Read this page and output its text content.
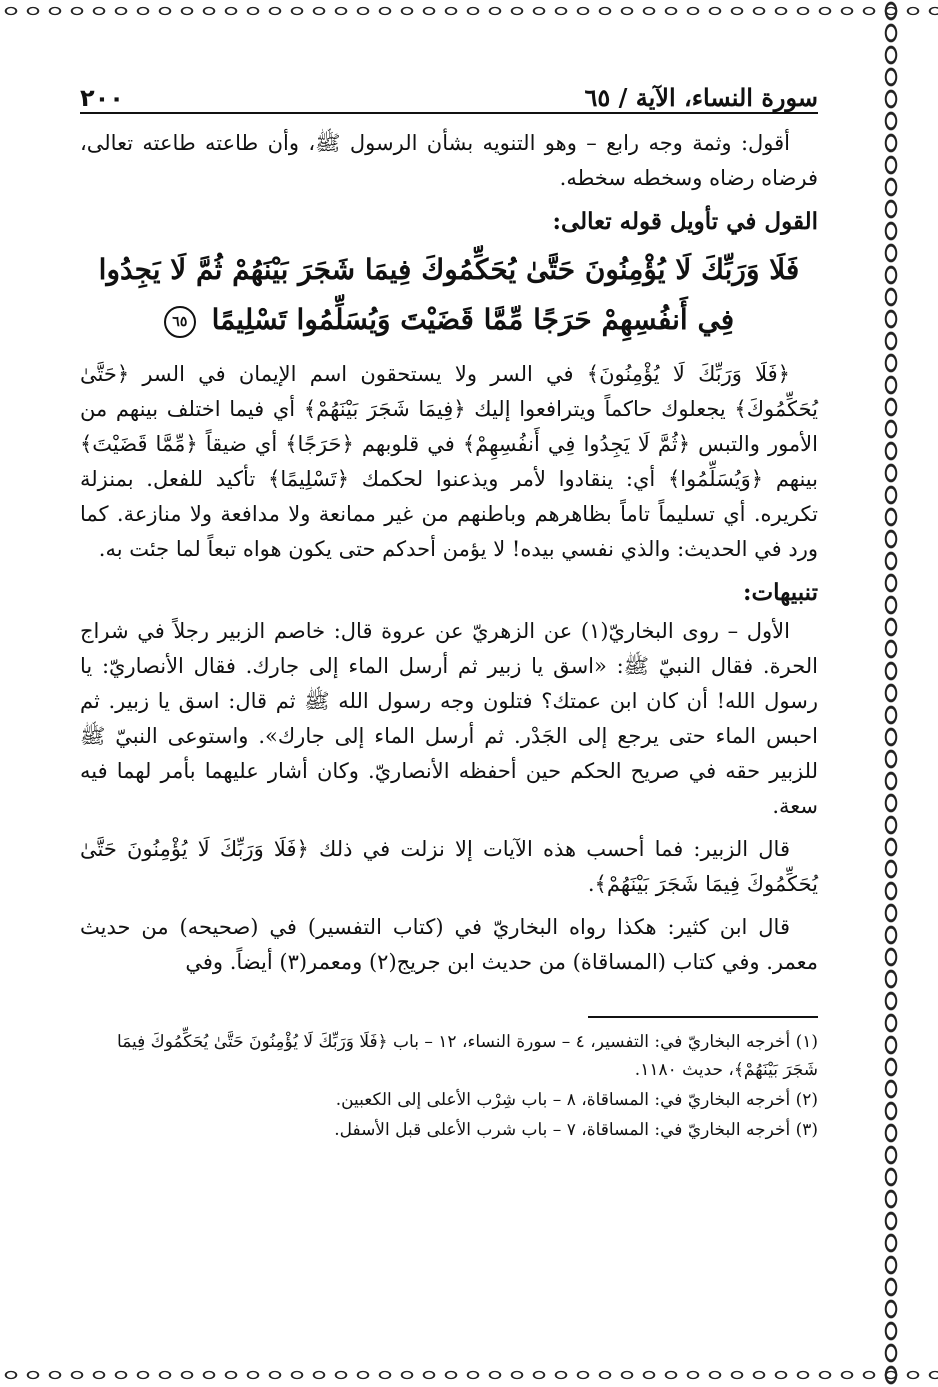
سورة النساء، الآية / ٦٥
٢٠٠

أقول: وثمة وجه رابع – وهو التنويه بشأن الرسول ﷺ، وأن طاعته طاعته تعالى، فرضاه رضاه وسخطه سخطه.

القول في تأويل قوله تعالى:
فَلَا وَرَبِّكَ لَا يُؤْمِنُونَ حَتَّىٰ يُحَكِّمُوكَ فِيمَا شَجَرَ بَيْنَهُمْ ثُمَّ لَا يَجِدُوا
فِي أَنفُسِهِمْ حَرَجًا مِّمَّا قَضَيْتَ وَيُسَلِّمُوا تَسْلِيمًا ٦٥

﴿فَلَا وَرَبِّكَ لَا يُؤْمِنُونَ﴾ في السر ولا يستحقون اسم الإيمان في السر ﴿حَتَّىٰ يُحَكِّمُوكَ﴾ يجعلوك حاكماً ويترافعوا إليك ﴿فِيمَا شَجَرَ بَيْنَهُمْ﴾ أي فيما اختلف بينهم من الأمور والتبس ﴿ثُمَّ لَا يَجِدُوا فِي أَنفُسِهِمْ﴾ في قلوبهم ﴿حَرَجًا﴾ أي ضيقاً ﴿مِّمَّا قَضَيْتَ﴾ بينهم ﴿وَيُسَلِّمُوا﴾ أي: ينقادوا لأمر ويذعنوا لحكمك ﴿تَسْلِيمًا﴾ تأكيد للفعل. بمنزلة تكريره. أي تسليماً تاماً بظاهرهم وباطنهم من غير ممانعة ولا مدافعة ولا منازعة. كما ورد في الحديث: والذي نفسي بيده! لا يؤمن أحدكم حتى يكون هواه تبعاً لما جئت به.

تنبيهات:

الأول – روى البخاريّ(١) عن الزهريّ عن عروة قال: خاصم الزبير رجلاً في شراج الحرة. فقال النبيّ ﷺ: «اسق يا زبير ثم أرسل الماء إلى جارك. فقال الأنصاريّ: يا رسول الله! أن كان ابن عمتك؟ فتلون وجه رسول الله ﷺ ثم قال: اسق يا زبير. ثم احبس الماء حتى يرجع إلى الجَدْر. ثم أرسل الماء إلى جارك». واستوعى النبيّ ﷺ للزبير حقه في صريح الحكم حين أحفظه الأنصاريّ. وكان أشار عليهما بأمر لهما فيه سعة.

قال الزبير: فما أحسب هذه الآيات إلا نزلت في ذلك ﴿فَلَا وَرَبِّكَ لَا يُؤْمِنُونَ حَتَّىٰ يُحَكِّمُوكَ فِيمَا شَجَرَ بَيْنَهُمْ﴾.

قال ابن كثير: هكذا رواه البخاريّ في (كتاب التفسير) في (صحيحه) من حديث معمر. وفي كتاب (المساقاة) من حديث ابن جريج(٢) ومعمر(٣) أيضاً. وفي

(١) أخرجه البخاريّ في: التفسير، ٤ – سورة النساء، ١٢ – باب ﴿فَلَا وَرَبِّكَ لَا يُؤْمِنُونَ حَتَّىٰ يُحَكِّمُوكَ فِيمَا شَجَرَ بَيْنَهُمْ﴾، حديث ١١٨٠.

(٢) أخرجه البخاريّ في: المساقاة، ٨ – باب شِرْب الأعلى إلى الكعبين.

(٣) أخرجه البخاريّ في: المساقاة، ٧ – باب شرب الأعلى قبل الأسفل.
